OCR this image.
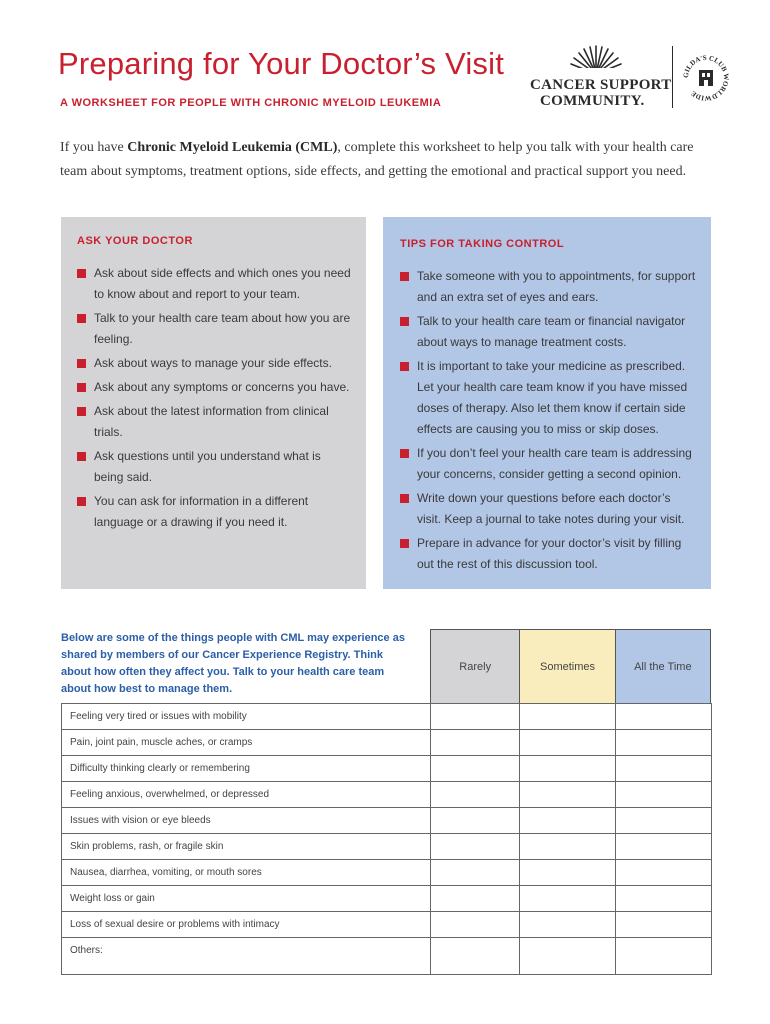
Preparing for Your Doctor’s Visit
A WORKSHEET FOR PEOPLE WITH CHRONIC MYELOID LEUKEMIA
CANCER SUPPORT
COMMUNITY.
GILDA'S CLUB WORLDWIDE

If you have Chronic Myeloid Leukemia (CML), complete this worksheet to help you talk with your health care team about symptoms, treatment options, side effects, and getting the emotional and practical support you need.

ASK YOUR DOCTOR
Ask about side effects and which ones you need to know about and report to your team.
Talk to your health care team about how you are feeling.
Ask about ways to manage your side effects.
Ask about any symptoms or concerns you have.
Ask about the latest information from clinical trials.
Ask questions until you understand what is being said.
You can ask for information in a different language or a drawing if you need it.
TIPS FOR TAKING CONTROL
Take someone with you to appointments, for support and an extra set of eyes and ears.
Talk to your health care team or financial navigator about ways to manage treatment costs.
It is important to take your medicine as prescribed. Let your health care team know if you have missed doses of therapy. Also let them know if certain side effects are causing you to miss or skip doses.
If you don’t feel your health care team is addressing your concerns, consider getting a second opinion.
Write down your questions before each doctor’s visit. Keep a journal to take notes during your visit.
Prepare in advance for your doctor’s visit by filling out the rest of this discussion tool.

Below are some of the things people with CML may experience as shared by members of our Cancer Experience Registry. Think about how often they affect you. Talk to your health care team about how best to manage them.

Rarely	Sometimes	All the Time
Feeling very tired or issues with mobility			
Pain, joint pain, muscle aches, or cramps			
Difficulty thinking clearly or remembering			
Feeling anxious, overwhelmed, or depressed			
Issues with vision or eye bleeds			
Skin problems, rash, or fragile skin			
Nausea, diarrhea, vomiting, or mouth sores			
Weight loss or gain			
Loss of sexual desire or problems with intimacy			
Others:			
